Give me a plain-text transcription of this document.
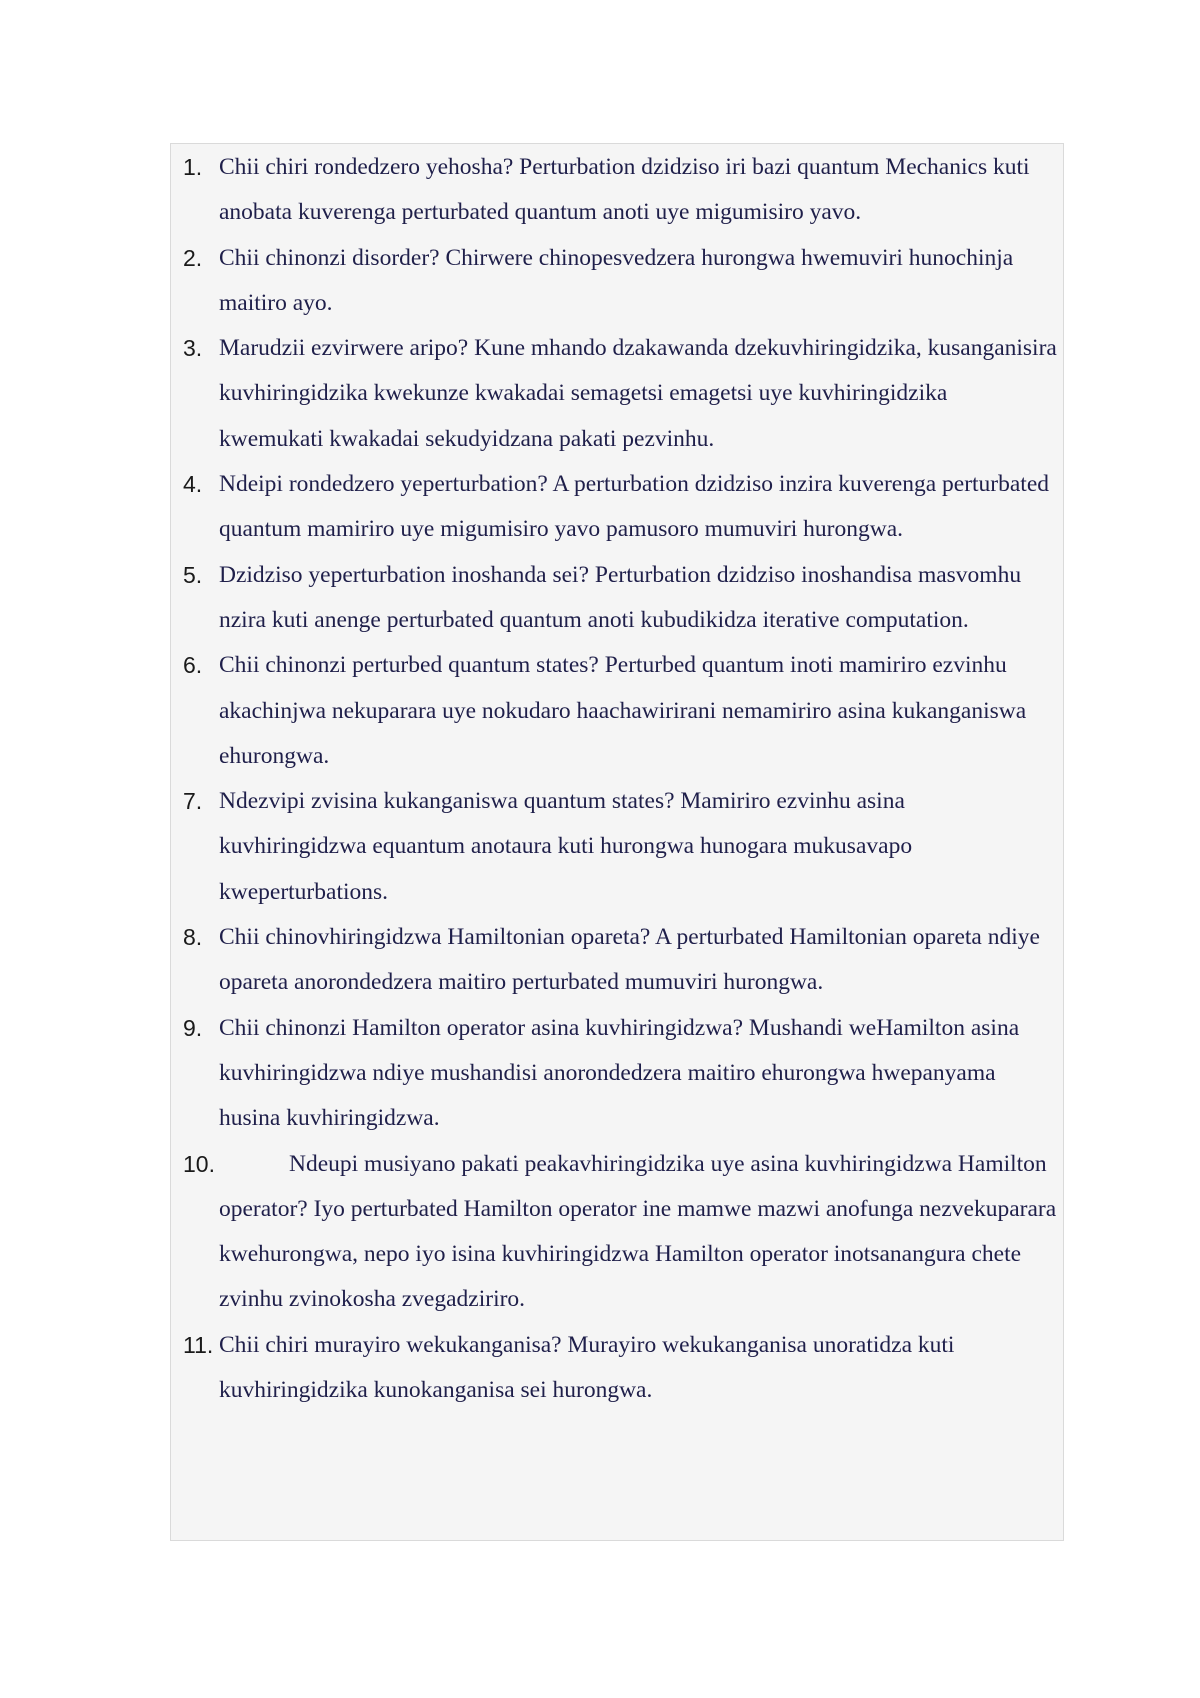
1. Chii chiri rondedzero yehosha? Perturbation dzidziso iri bazi quantum Mechanics kuti anobata kuverenga perturbated quantum anoti uye migumisiro yavo.
2. Chii chinonzi disorder? Chirwere chinopesvedzera hurongwa hwemuviri hunochinja maitiro ayo.
3. Marudzii ezvirwere aripo? Kune mhando dzakawanda dzekuvhiringidzika, kusanganisira kuvhiringidzika kwekunze kwakadai semagetsi emagetsi uye kuvhiringidzika kwemukati kwakadai sekudyidzana pakati pezvinhu.
4. Ndeipi rondedzero yeperturbation? A perturbation dzidziso inzira kuverenga perturbated quantum mamiriro uye migumisiro yavo pamusoro mumuviri hurongwa.
5. Dzidziso yeperturbation inoshanda sei? Perturbation dzidziso inoshandisa masvomhu nzira kuti anenge perturbated quantum anoti kubudikidza iterative computation.
6. Chii chinonzi perturbed quantum states? Perturbed quantum inoti mamiriro ezvinhu akachinjwa nekuparara uye nokudaro haachawirirani nemamiriro asina kukanganiswa ehurongwa.
7. Ndezvipi zvisina kukanganiswa quantum states? Mamiriro ezvinhu asina kuvhiringidzwa equantum anotaura kuti hurongwa hunogara mukusavapo kweperturbations.
8. Chii chinovhiringidzwa Hamiltonian opareta? A perturbated Hamiltonian opareta ndiye opareta anorondedzera maitiro perturbated mumuviri hurongwa.
9. Chii chinonzi Hamilton operator asina kuvhiringidzwa? Mushandi weHamilton asina kuvhiringidzwa ndiye mushandisi anorondedzera maitiro ehurongwa hwepanyama husina kuvhiringidzwa.
10.	Ndeupi musiyano pakati peakavhiringidzika uye asina kuvhiringidzwa Hamilton operator? Iyo perturbated Hamilton operator ine mamwe mazwi anofunga nezvekuparara kwehurongwa, nepo iyo isina kuvhiringidzwa Hamilton operator inotsanangura chete zvinhu zvinokosha zvegadziriro.
11. Chii chiri murayiro wekukanganisa? Murayiro wekukanganisa unoratidza kuti kuvhiringidzika kunokanganisa sei hurongwa.
